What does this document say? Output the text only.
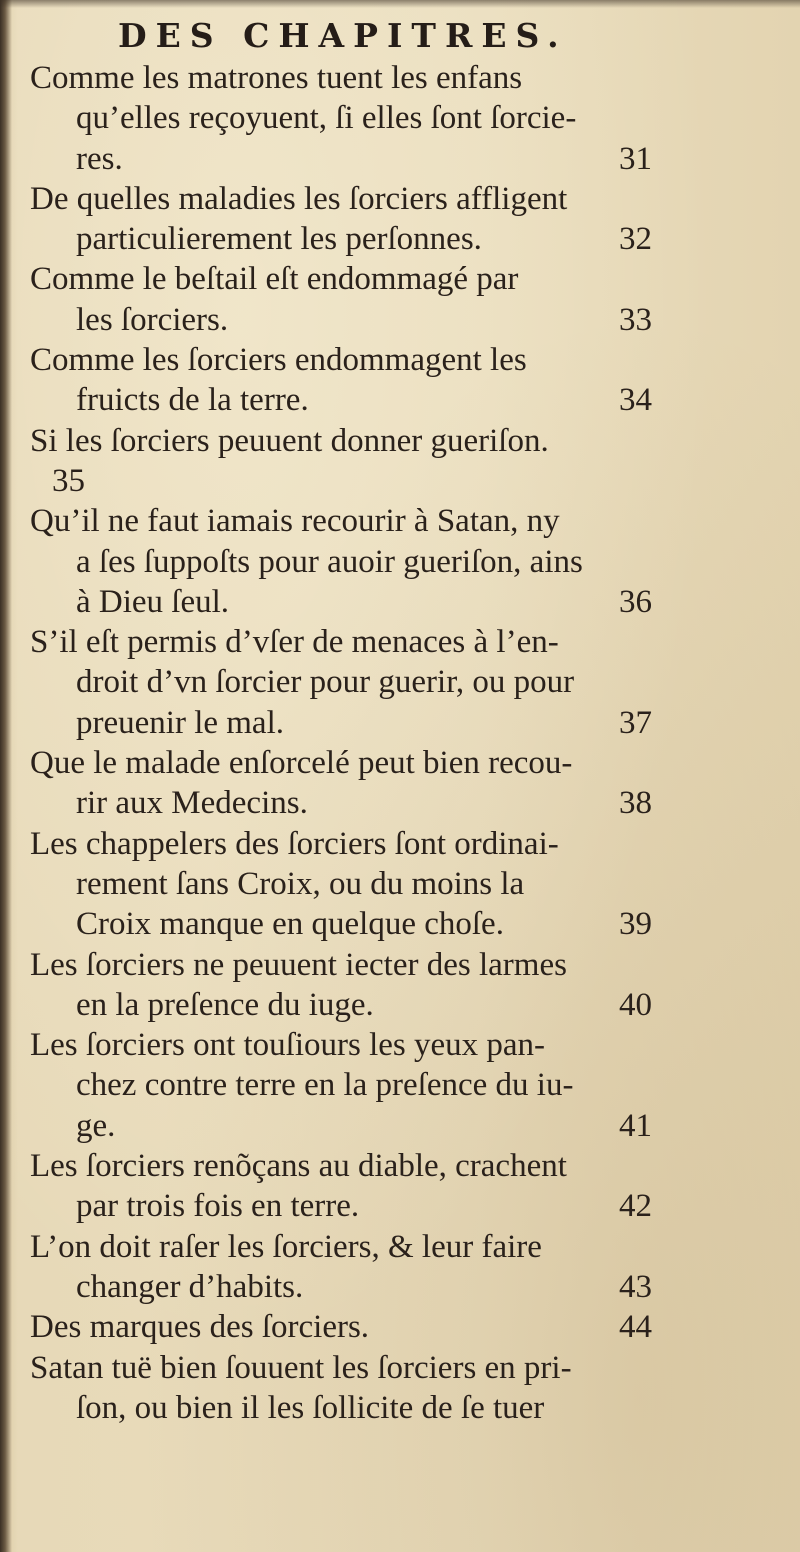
DES CHAPITRES.
Comme les matrones tuent les enfans
qu’elles reçoyuent, ſi elles ſont ſorcie-
res.	31
De quelles maladies les ſorciers affligent
particulierement les perſonnes.	32
Comme le beſtail eſt endommagé par
les ſorciers.	33
Comme les ſorciers endommagent les
fruicts de la terre.	34
Si les ſorciers peuuent donner gueriſon.
35
Qu’il ne faut iamais recourir à Satan, ny
a ſes ſuppoſts pour auoir gueriſon, ains
à Dieu ſeul.	36
S’il eſt permis d’vſer de menaces à l’en-
droit d’vn ſorcier pour guerir, ou pour
preuenir le mal.	37
Que le malade enſorcelé peut bien recou-
rir aux Medecins.	38
Les chappelers des ſorciers ſont ordinai-
rement ſans Croix, ou du moins la
Croix manque en quelque choſe.	39
Les ſorciers ne peuuent iecter des larmes
en la preſence du iuge.	40
Les ſorciers ont touſiours les yeux pan-
chez contre terre en la preſence du iu-
ge.	41
Les ſorciers renõçans au diable, crachent
par trois fois en terre.	42
L’on doit raſer les ſorciers, & leur faire
changer d’habits.	43
Des marques des ſorciers.	44
Satan tuë bien ſouuent les ſorciers en pri-
ſon, ou bien il les ſollicite de ſe tuer
